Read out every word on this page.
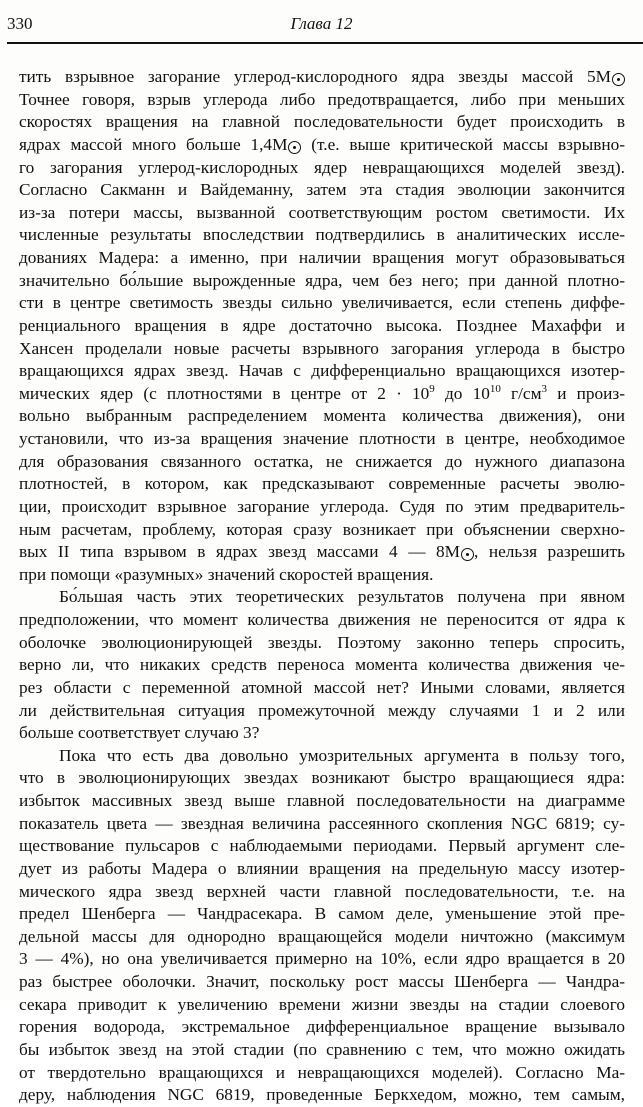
330	Глава 12
тить взрывное загорание углерод-кислородного ядра звезды массой 5M
Точнее говоря, взрыв углерода либо предотвращается, либо при меньших
скоростях вращения на главной последовательности будет происходить в
ядрах массой много больше 1,4M (т.е. выше критической массы взрывно-
го загорания углерод-кислородных ядер невращающихся моделей звезд).
Согласно Сакманн и Вайдеманну, затем эта стадия эволюции закончится
из-за потери массы, вызванной соответствующим ростом светимости. Их
численные результаты впоследствии подтвердились в аналитических иссле-
дованиях Мадера: а именно, при наличии вращения могут образовываться
значительно бо́льшие вырожденные ядра, чем без него; при данной плотно-
сти в центре светимость звезды сильно увеличивается, если степень диффе-
ренциального вращения в ядре достаточно высока. Позднее Махаффи и
Хансен проделали новые расчеты взрывного загорания углерода в быстро
вращающихся ядрах звезд. Начав с дифференциально вращающихся изотер-
мических ядер (с плотностями в центре от $2 \cdot 10^9$ до $10^{10}$ $г/см^3$ и произ-
вольно выбранным распределением момента количества движения), они
установили, что из-за вращения значение плотности в центре, необходимое
для образования связанного остатка, не снижается до нужного диапазона
плотностей, в котором, как предсказывают современные расчеты эволю-
ции, происходит взрывное загорание углерода. Судя по этим предваритель-
ным расчетам, проблему, которая сразу возникает при объяснении сверхно-
вых II типа взрывом в ядрах звезд массами 4 — 8M , нельзя разрешить
при помощи «разумных» значений скоростей вращения.
Бо́льшая часть этих теоретических результатов получена при явном
предположении, что момент количества движения не переносится от ядра к
оболочке эволюционирующей звезды. Поэтому законно теперь спросить,
верно ли, что никаких средств переноса момента количества движения че-
рез области с переменной атомной массой нет? Иными словами, является
ли действительная ситуация промежуточной между случаями 1 и 2 или
больше соответствует случаю 3?
Пока что есть два довольно умозрительных аргумента в пользу того,
что в эволюционирующих звездах возникают быстро вращающиеся ядра:
избыток массивных звезд выше главной последовательности на диаграмме
показатель цвета — звездная величина рассеянного скопления NGC 6819; су-
ществование пульсаров с наблюдаемыми периодами. Первый аргумент сле-
дует из работы Мадера о влиянии вращения на предельную массу изотер-
мического ядра звезд верхней части главной последовательности, т.е. на
предел Шенберга — Чандрасекара. В самом деле, уменьшение этой пре-
дельной массы для однородно вращающейся модели ничтожно (максимум
3 — 4%), но она увеличивается примерно на 10%, если ядро вращается в 20
раз быстрее оболочки. Значит, поскольку рост массы Шенберга — Чандра-
секара приводит к увеличению времени жизни звезды на стадии слоевого
горения водорода, экстремальное дифференциальное вращение вызывало
бы избыток звезд на этой стадии (по сравнению с тем, что можно ожидать
от твердотельно вращающихся и невращающихся моделей). Согласно Ма-
деру, наблюдения NGC 6819, проведенные Беркхедом, можно, тем самым,
